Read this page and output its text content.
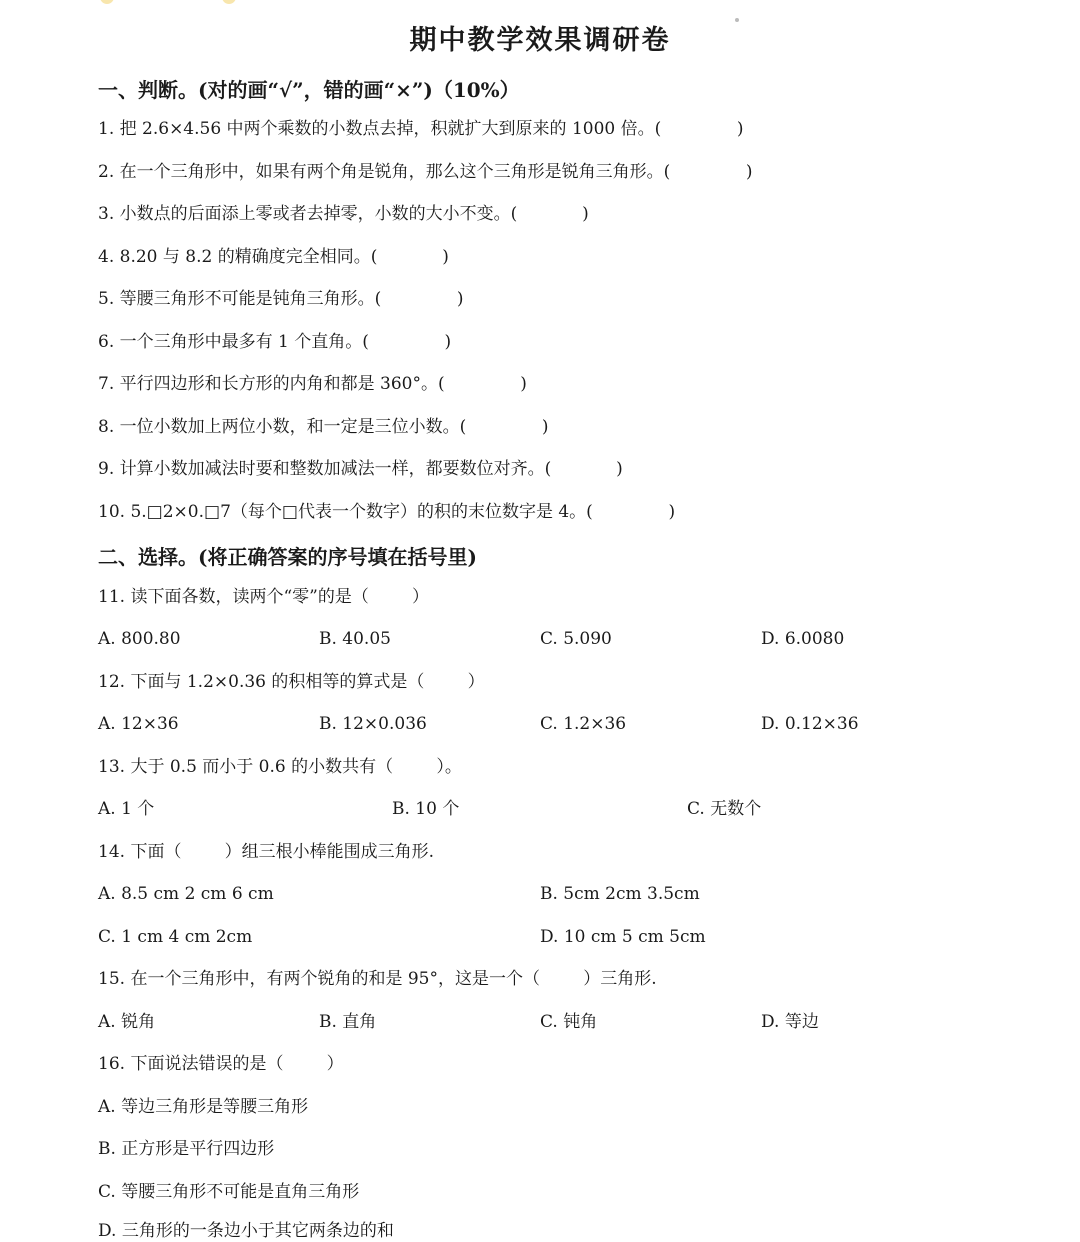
期中教学效果调研卷
一、判断。(对的画“√”，错的画“×”)（10%）
1. 把 2.6×4.56 中两个乘数的小数点去掉，积就扩大到原来的 1000 倍。(              )
2. 在一个三角形中，如果有两个角是锐角，那么这个三角形是锐角三角形。(              )
3. 小数点的后面添上零或者去掉零，小数的大小不变。(            )
4. 8.20 与 8.2 的精确度完全相同。(            )
5. 等腰三角形不可能是钝角三角形。(              )
6. 一个三角形中最多有 1 个直角。(              )
7. 平行四边形和长方形的内角和都是 360°。(              )
8. 一位小数加上两位小数，和一定是三位小数。(              )
9. 计算小数加减法时要和整数加减法一样，都要数位对齐。(            )
10. 5.□2×0.□7（每个□代表一个数字）的积的末位数字是 4。(              )
二、选择。(将正确答案的序号填在括号里)
11. 读下面各数，读两个“零”的是（        ）
A. 800.80	B. 40.05	C. 5.090	D. 6.0080
12. 下面与 1.2×0.36 的积相等的算式是（        ）
A. 12×36	B. 12×0.036	C. 1.2×36	D. 0.12×36
13. 大于 0.5 而小于 0.6 的小数共有（        ）。
A. 1 个	B. 10 个	C. 无数个
14. 下面（        ）组三根小棒能围成三角形.
A. 8.5 cm 2 cm 6 cm	B. 5cm 2cm 3.5cm
C. 1 cm 4 cm 2cm	D. 10 cm 5 cm 5cm
15. 在一个三角形中，有两个锐角的和是 95°，这是一个（        ）三角形.
A. 锐角	B. 直角	C. 钝角	D. 等边
16. 下面说法错误的是（        ）
A. 等边三角形是等腰三角形
B. 正方形是平行四边形
C. 等腰三角形不可能是直角三角形
D. 三角形的一条边小于其它两条边的和
